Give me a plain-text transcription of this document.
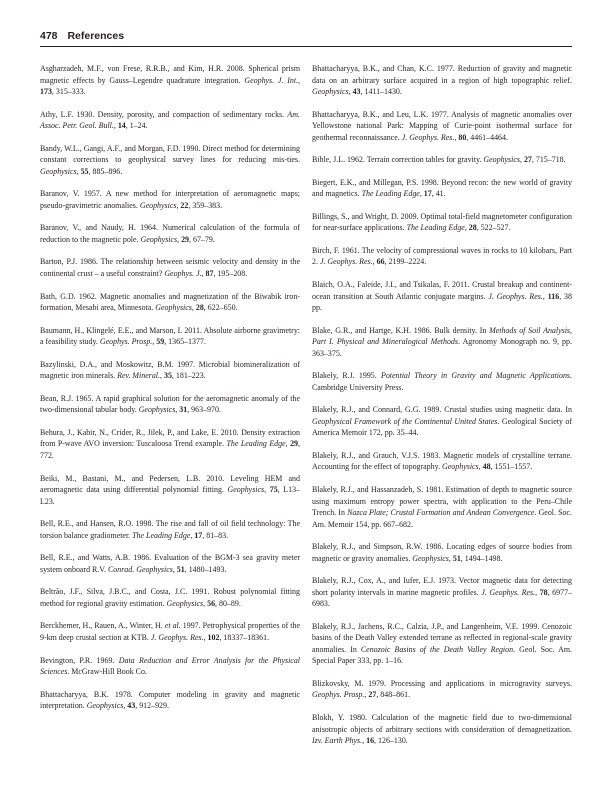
478 References

Asgharzadeh, M.F., von Frese, R.R.B., and Kim, H.R. 2008. Spherical prism magnetic effects by Gauss–Legendre quadrature integration. Geophys. J. Int., 173, 315–333.

Athy, L.F. 1930. Density, porosity, and compaction of sedimentary rocks. Am. Assoc. Petr. Geol. Bull., 14, 1–24.

Bandy, W.L., Gangi, A.F., and Morgan, F.D. 1990. Direct method for determining constant corrections to geophysical survey lines for reducing mis-ties. Geophysics, 55, 885–896.

Baranov, V. 1957. A new method for interpretation of aeromagnetic maps; pseudo-gravimetric anomalies. Geophysics, 22, 359–383.

Baranov, V., and Naudy, H. 1964. Numerical calculation of the formula of reduction to the magnetic pole. Geophysics, 29, 67–79.

Barton, P.J. 1986. The relationship between seismic velocity and density in the continental crust – a useful constraint? Geophys. J., 87, 195–208.

Bath, G.D. 1962. Magnetic anomalies and magnetization of the Biwabik iron-formation, Mesabi area, Minnesota. Geophysics, 28, 622–650.

Baumann, H., Klingelé, E.E., and Marson, I. 2011. Absolute airborne gravimetry: a feasibility study. Geophys. Prosp., 59, 1365–1377.

Bazylinski, D.A., and Moskowitz, B.M. 1997. Microbial biomineralization of magnetic iron minerals. Rev. Mineral., 35, 181–223.

Bean, R.J. 1965. A rapid graphical solution for the aeromagnetic anomaly of the two-dimensional tabular body. Geophysics, 31, 963–970.

Behura, J., Kabir, N., Crider, R., Jilek, P., and Lake, E. 2010. Density extraction from P-wave AVO inversion: Tuscaloosa Trend example. The Leading Edge, 29, 772.

Beiki, M., Bastani, M., and Pedersen, L.B. 2010. Leveling HEM and aeromagnetic data using differential polynomial fitting. Geophysics, 75, L13–L23.

Bell, R.E., and Hansen, R.O. 1998. The rise and fall of oil field technology: The torsion balance gradiometer. The Leading Edge, 17, 81–83.

Bell, R.E., and Watts, A.B. 1986. Evaluation of the BGM-3 sea gravity meter system onboard R.V. Conrad. Geophysics, 51, 1480–1493.

Beltrão, J.F., Silva, J.B.C., and Costa, J.C. 1991. Robust polynomial fitting method for regional gravity estimation. Geophysics, 56, 80–89.

Berckhemer, H., Rauen, A., Winter, H. et al. 1997. Petrophysical properties of the 9-km deep crustal section at KTB. J. Geophys. Res., 102, 18337–18361.

Bevington, P.R. 1969. Data Reduction and Error Analysis for the Physical Sciences. McGraw-Hill Book Co.

Bhattacharyya, B.K. 1978. Computer modeling in gravity and magnetic interpretation. Geophysics, 43, 912–929.

Bhattacharyya, B.K., and Chan, K.C. 1977. Reduction of gravity and magnetic data on an arbitrary surface acquired in a region of high topographic relief. Geophysics, 43, 1411–1430.

Bhattacharyya, B.K., and Leu, L.K. 1977. Analysis of magnetic anomalies over Yellowstone national Park: Mapping of Curie-point isothermal surface for geothermal reconnaissance. J. Geophys. Res., 80, 4461–4464.

Bible, J.L. 1962. Terrain correction tables for gravity. Geophysics, 27, 715–718.

Biegert, E.K., and Millegan, P.S. 1998. Beyond recon: the new world of gravity and magnetics. The Leading Edge, 17, 41.

Billings, S., and Wright, D. 2009. Optimal total-field magnetometer configuration for near-surface applications. The Leading Edge, 28, 522–527.

Birch, F. 1961. The velocity of compressional waves in rocks to 10 kilobars, Part 2. J. Geophys. Res., 66, 2199–2224.

Blaich, O.A., Faleide, J.I., and Tsikalas, F. 2011. Crustal breakup and continent-ocean transition at South Atlantic conjugate margins. J. Geophys. Res., 116, 38 pp.

Blake, G.R., and Hartge, K.H. 1986. Bulk density. In Methods of Soil Analysis, Part I. Physical and Mineralogical Methods. Agronomy Monograph no. 9, pp. 363–375.

Blakely, R.J. 1995. Potential Theory in Gravity and Magnetic Applications. Cambridge University Press.

Blakely, R.J., and Connard, G.G. 1989. Crustal studies using magnetic data. In Geophysical Framework of the Continental United States. Geological Society of America Memoir 172, pp. 35–44.

Blakely, R.J., and Grauch, V.J.S. 1983. Magnetic models of crystalline terrane. Accounting for the effect of topography. Geophysics, 48, 1551–1557.

Blakely, R.J., and Hassanzadeh, S. 1981. Estimation of depth to magnetic source using maximum entropy power spectra, with application to the Peru–Chile Trench. In Nazca Plate; Crustal Formation and Andean Convergence. Geol. Soc. Am. Memoir 154, pp. 667–682.

Blakely, R.J., and Simpson, R.W. 1986. Locating edges of source bodies from magnetic or gravity anomalies. Geophysics, 51, 1494–1498.

Blakely, R.J., Cox, A., and Iufer, E.J. 1973. Vector magnetic data for detecting short polarity intervals in marine magnetic profiles. J. Geophys. Res., 78, 6977–6983.

Blakely, R.J., Jachens, R.C., Calzia, J.P., and Langenheim, V.E. 1999. Cenozoic basins of the Death Valley extended terrane as reflected in regional-scale gravity anomalies. In Cenozoic Basins of the Death Valley Region. Geol. Soc. Am. Special Paper 333, pp. 1–16.

Blizkovsky, M. 1979. Processing and applications in microgravity surveys. Geophys. Prosp., 27, 848–861.

Blokh, Y. 1980. Calculation of the magnetic field due to two-dimensional anisotropic objects of arbitrary sections with consideration of demagnetization. Izv. Earth Phys., 16, 126–130.
